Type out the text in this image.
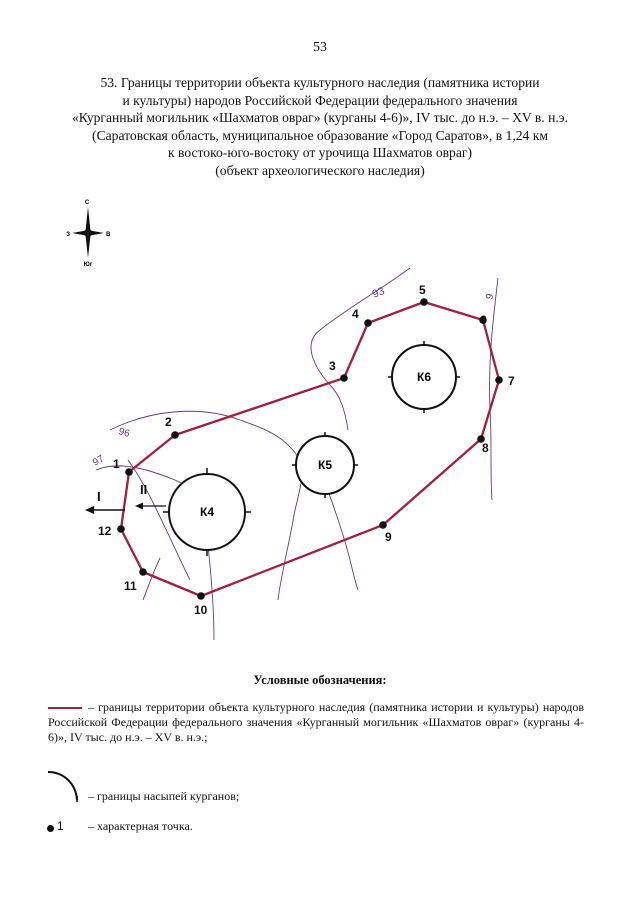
53
53. Границы территории объекта культурного наследия (памятника истории
и культуры) народов Российской Федерации федерального значения
«Курганный могильник «Шахматов овраг» (курганы 4-6)», IV тыс. до н.э. – XV в. н.э.
(Саратовская область, муниципальное образование «Город Саратов», в 1,24 км
к востоко-юго-востоку от урочища Шахматов овраг)
(объект археологического наследия)
С
З	В
Юг
97
96
93	9
К4
К5
К6
1
2
3
4
5
6
7
8
9
10
11
12
I	II
Условные обозначения:
– границы территории объекта культурного наследия (памятника истории и культуры) народов Российской Федерации федерального значения «Курганный могильник «Шахматов овраг» (курганы 4-6)», IV тыс. до н.э. – XV в. н.э.;
– границы насыпей курганов;
1 – характерная точка.
